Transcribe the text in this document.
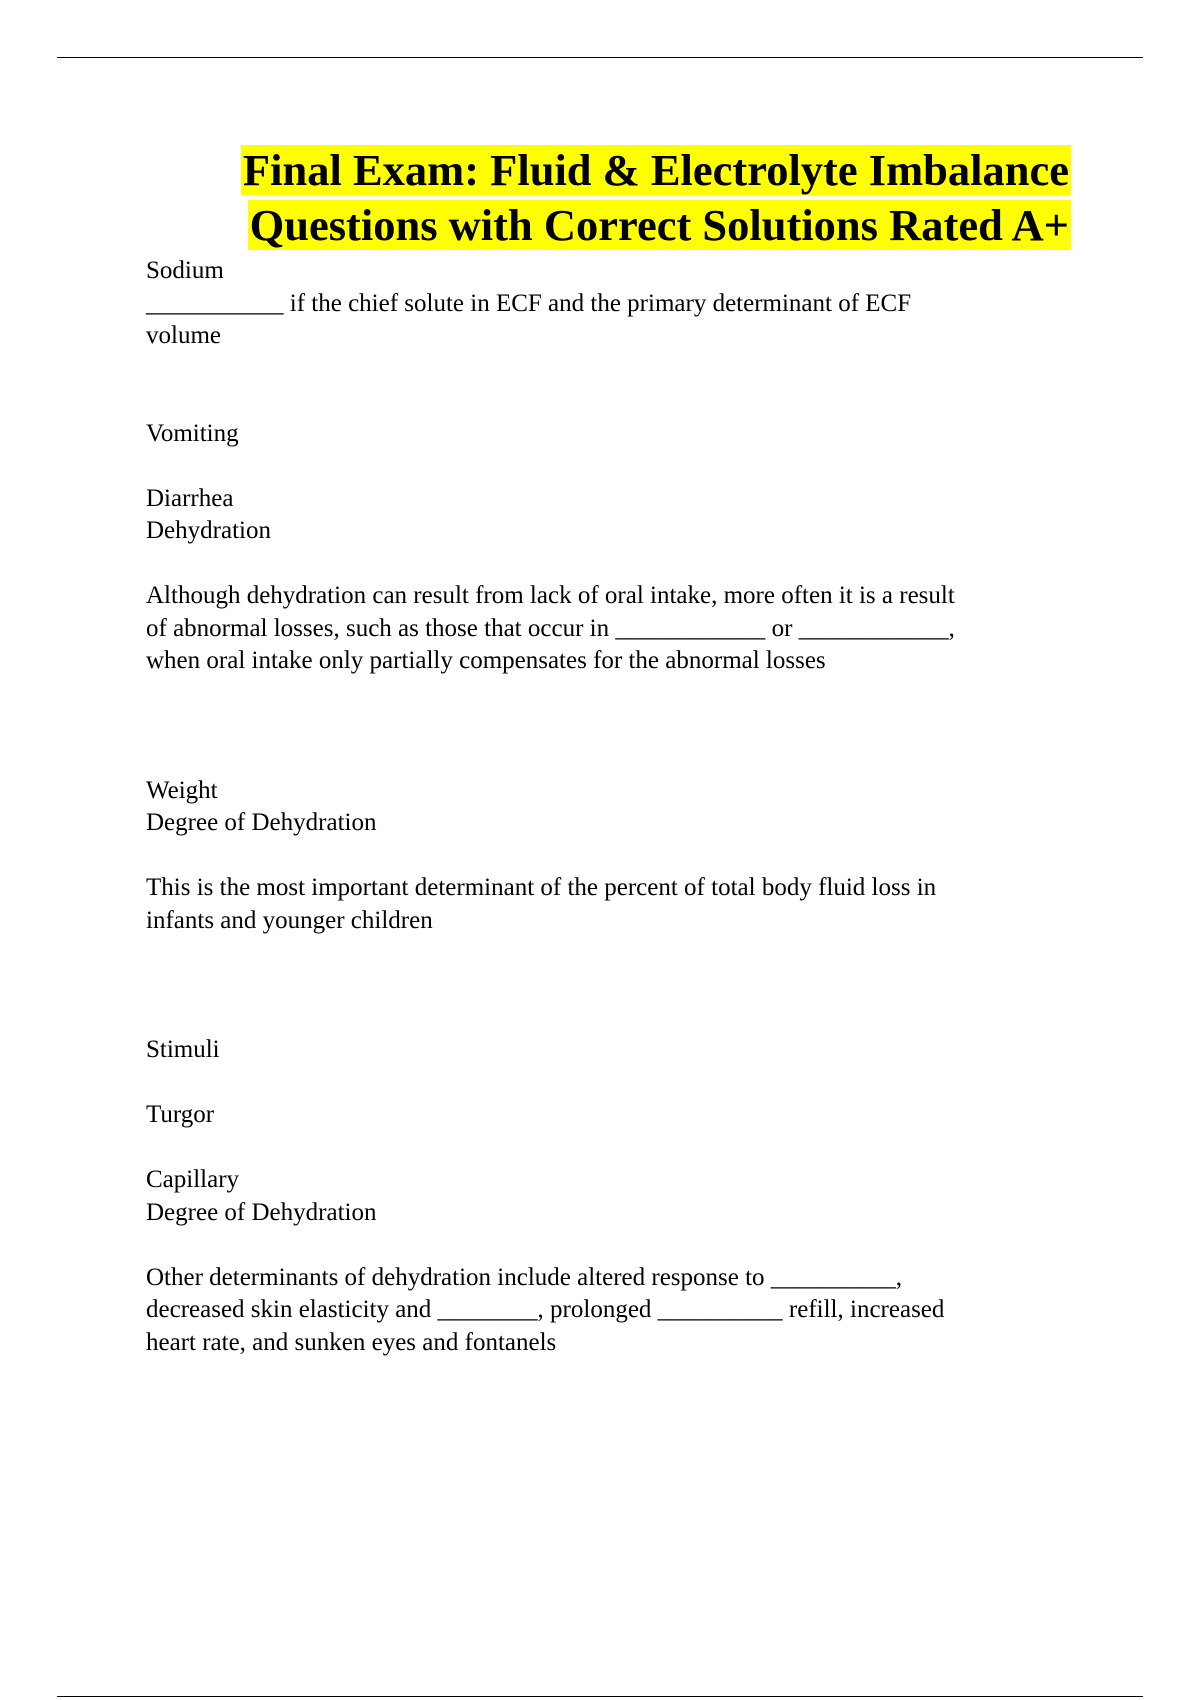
Final Exam: Fluid & Electrolyte Imbalance Questions with Correct Solutions Rated A+

Sodium

___________ if the chief solute in ECF and the primary determinant of ECF
volume

Vomiting

Diarrhea

Dehydration

Although dehydration can result from lack of oral intake, more often it is a result
of abnormal losses, such as those that occur in ____________ or ____________,
when oral intake only partially compensates for the abnormal losses

Weight

Degree of Dehydration

This is the most important determinant of the percent of total body fluid loss in
infants and younger children

Stimuli

Turgor

Capillary

Degree of Dehydration

Other determinants of dehydration include altered response to __________,
decreased skin elasticity and ________, prolonged __________ refill, increased
heart rate, and sunken eyes and fontanels
